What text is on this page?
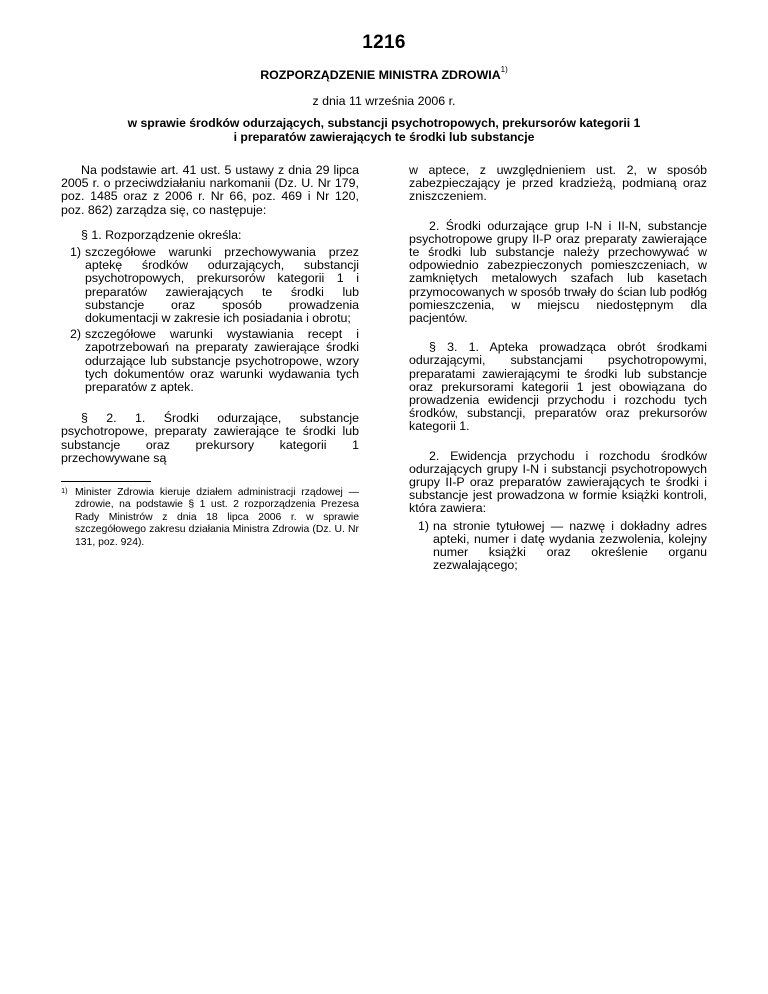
1216
ROZPORZĄDZENIE MINISTRA ZDROWIA$^{1)}$
z dnia 11 września 2006 r.
w sprawie środków odurzających, substancji psychotropowych, prekursorów kategorii 1
i preparatów zawierających te środki lub substancje

Na podstawie art. 41 ust. 5 ustawy z dnia 29 lipca 2005 r. o przeciwdziałaniu narkomanii (Dz. U. Nr 179, poz. 1485 oraz z 2006 r. Nr 66, poz. 469 i Nr 120, poz. 862) zarządza się, co następuje:

§ 1. Rozporządzenie określa:

1) szczegółowe warunki przechowywania przez aptekę środków odurzających, substancji psychotropowych, prekursorów kategorii 1 i preparatów zawierających te środki lub substancje oraz sposób prowadzenia dokumentacji w zakresie ich posiadania i obrotu;
2) szczegółowe warunki wystawiania recept i zapotrzebowań na preparaty zawierające środki odurzające lub substancje psychotropowe, wzory tych dokumentów oraz warunki wydawania tych preparatów z aptek.

§ 2. 1. Środki odurzające, substancje psychotropowe, preparaty zawierające te środki lub substancje oraz prekursory kategorii 1 przechowywane są

1) Minister Zdrowia kieruje działem administracji rządowej — zdrowie, na podstawie § 1 ust. 2 rozporządzenia Prezesa Rady Ministrów z dnia 18 lipca 2006 r. w sprawie szczegółowego zakresu działania Ministra Zdrowia (Dz. U. Nr 131, poz. 924).

w aptece, z uwzględnieniem ust. 2, w sposób zabezpieczający je przed kradzieżą, podmianą oraz zniszczeniem.

2. Środki odurzające grup I-N i II-N, substancje psychotropowe grupy II-P oraz preparaty zawierające te środki lub substancje należy przechowywać w odpowiednio zabezpieczonych pomieszczeniach, w zamkniętych metalowych szafach lub kasetach przymocowanych w sposób trwały do ścian lub podłóg pomieszczenia, w miejscu niedostępnym dla pacjentów.

§ 3. 1. Apteka prowadząca obrót środkami odurzającymi, substancjami psychotropowymi, preparatami zawierającymi te środki lub substancje oraz prekursorami kategorii 1 jest obowiązana do prowadzenia ewidencji przychodu i rozchodu tych środków, substancji, preparatów oraz prekursorów kategorii 1.

2. Ewidencja przychodu i rozchodu środków odurzających grupy I-N i substancji psychotropowych grupy II-P oraz preparatów zawierających te środki i substancje jest prowadzona w formie książki kontroli, która zawiera:

1) na stronie tytułowej — nazwę i dokładny adres apteki, numer i datę wydania zezwolenia, kolejny numer książki oraz określenie organu zezwalającego;
